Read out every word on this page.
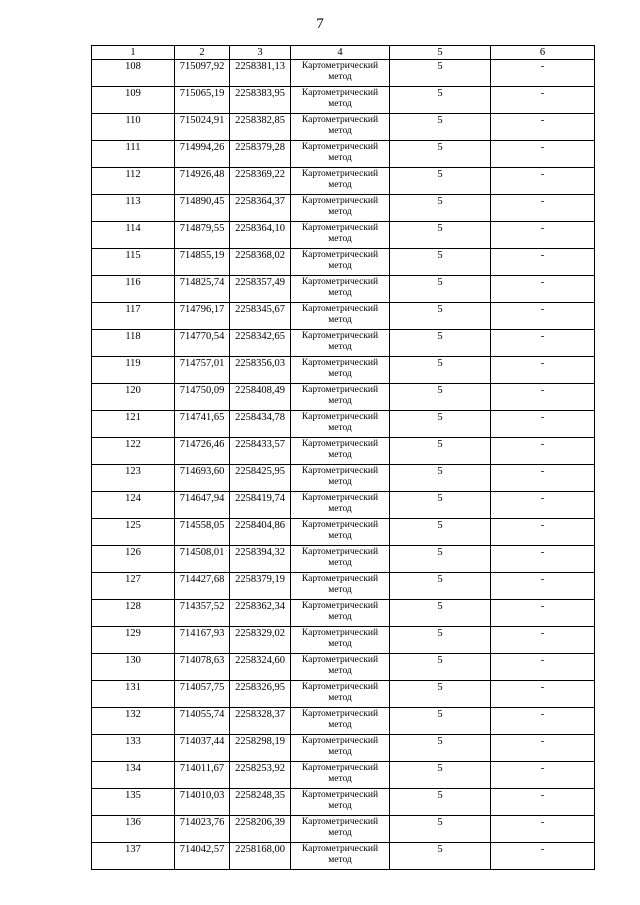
7
1	2	3	4	5	6
108	715097,92	2258381,13	Картометрический метод	5	-
109	715065,19	2258383,95	Картометрический метод	5	-
110	715024,91	2258382,85	Картометрический метод	5	-
111	714994,26	2258379,28	Картометрический метод	5	-
112	714926,48	2258369,22	Картометрический метод	5	-
113	714890,45	2258364,37	Картометрический метод	5	-
114	714879,55	2258364,10	Картометрический метод	5	-
115	714855,19	2258368,02	Картометрический метод	5	-
116	714825,74	2258357,49	Картометрический метод	5	-
117	714796,17	2258345,67	Картометрический метод	5	-
118	714770,54	2258342,65	Картометрический метод	5	-
119	714757,01	2258356,03	Картометрический метод	5	-
120	714750,09	2258408,49	Картометрический метод	5	-
121	714741,65	2258434,78	Картометрический метод	5	-
122	714726,46	2258433,57	Картометрический метод	5	-
123	714693,60	2258425,95	Картометрический метод	5	-
124	714647,94	2258419,74	Картометрический метод	5	-
125	714558,05	2258404,86	Картометрический метод	5	-
126	714508,01	2258394,32	Картометрический метод	5	-
127	714427,68	2258379,19	Картометрический метод	5	-
128	714357,52	2258362,34	Картометрический метод	5	-
129	714167,93	2258329,02	Картометрический метод	5	-
130	714078,63	2258324,60	Картометрический метод	5	-
131	714057,75	2258326,95	Картометрический метод	5	-
132	714055,74	2258328,37	Картометрический метод	5	-
133	714037,44	2258298,19	Картометрический метод	5	-
134	714011,67	2258253,92	Картометрический метод	5	-
135	714010,03	2258248,35	Картометрический метод	5	-
136	714023,76	2258206,39	Картометрический метод	5	-
137	714042,57	2258168,00	Картометрический метод	5	-
